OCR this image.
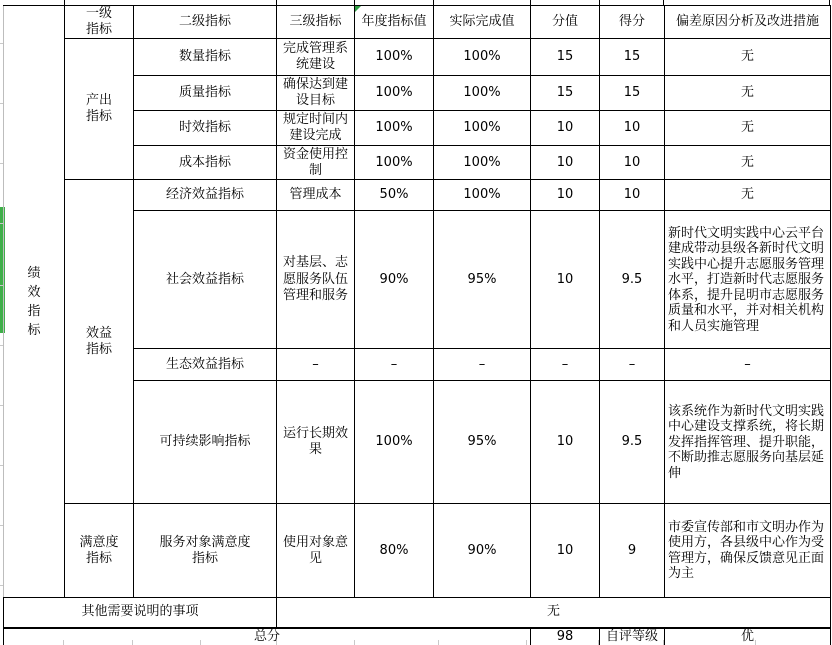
绩效指标	一级指标	二级指标	三级指标	年度指标值	实际完成值	分值	得分	偏差原因分析及改进措施
	产出指标	数量指标	完成管理系统建设	100%	100%	15	15	无
		质量指标	确保达到建设目标	100%	100%	15	15	无
		时效指标	规定时间内建设完成	100%	100%	10	10	无
		成本指标	资金使用控制	100%	100%	10	10	无
	效益指标	经济效益指标	管理成本	50%	100%	10	10	无
		社会效益指标	对基层、志愿服务队伍管理和服务	90%	95%	10	9.5	新时代文明实践中心云平台建成带动县级各新时代文明实践中心提升志愿服务管理水平，打造新时代志愿服务体系，提升昆明市志愿服务质量和水平，并对相关机构和人员实施管理
		生态效益指标	–	–	–	–	–	–
		可持续影响指标	运行长期效果	100%	95%	10	9.5	该系统作为新时代文明实践中心建设支撑系统，将长期发挥指挥管理、提升职能，不断助推志愿服务向基层延伸
	满意度指标	服务对象满意度指标	使用对象意见	80%	90%	10	9	市委宣传部和市文明办作为使用方，各县级中心作为受管理方，确保反馈意见正面为主
其他需要说明的事项			无					
总分						98	自评等级	优
